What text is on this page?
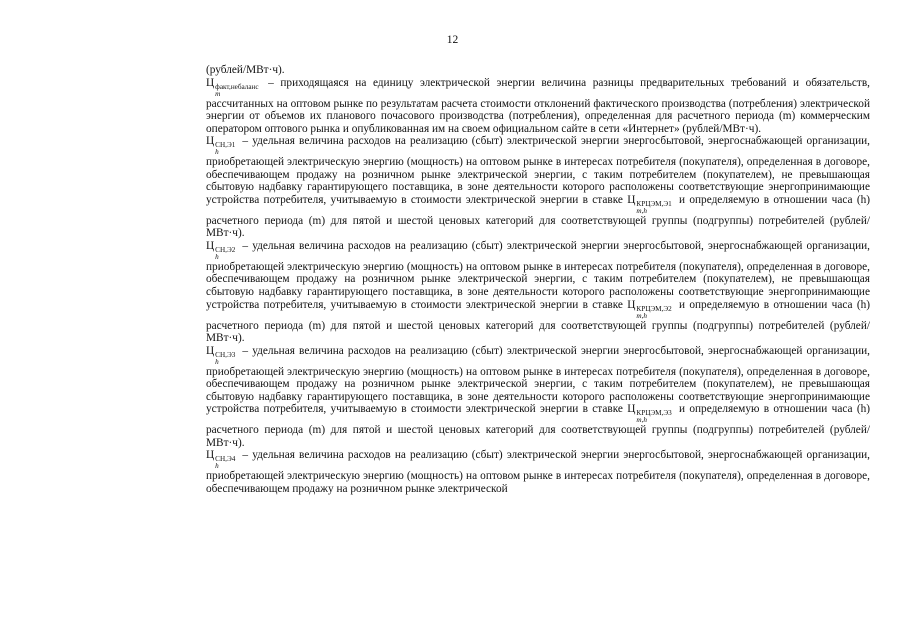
12

(рублей/МВт·ч).

Ц факт,небаланс
m
– приходящаяся на единицу электрической энергии величина разницы предварительных требований и обязательств, рассчитанных на оптовом рынке по результатам расчета стоимости отклонений фактического производства (потребления) электрической энергии от объемов их планового почасового производства (потребления), определенная для расчетного периода (m) коммерческим оператором оптового рынка и опубликованная им на своем официальном сайте в сети «Интернет» (рублей/МВт·ч).

Ц СН,Э1
h
– удельная величина расходов на реализацию (сбыт) электрической энергии энергосбытовой, энергоснабжающей организации, приобретающей электрическую энергию (мощность) на оптовом рынке в интересах потребителя (покупателя), определенная в договоре, обеспечивающем продажу на розничном рынке электрической энергии, с таким потребителем (покупателем), не превышающая сбытовую надбавку гарантирующего поставщика, в зоне деятельности которого расположены соответствующие энергопринимающие устройства потребителя, учитываемую в стоимости электрической энергии в ставке Ц КРЦЭМ,Э1
m,h
и определяемую в отношении часа (h) расчетного периода (m) для пятой и шестой ценовых категорий для соответствующей группы (подгруппы) потребителей (рублей/МВт·ч).

Ц СН,Э2
h
– удельная величина расходов на реализацию (сбыт) электрической энергии энергосбытовой, энергоснабжающей организации, приобретающей электрическую энергию (мощность) на оптовом рынке в интересах потребителя (покупателя), определенная в договоре, обеспечивающем продажу на розничном рынке электрической энергии, с таким потребителем (покупателем), не превышающая сбытовую надбавку гарантирующего поставщика, в зоне деятельности которого расположены соответствующие энергопринимающие устройства потребителя, учитываемую в стоимости электрической энергии в ставке Ц КРЦЭМ,Э2
m,h
и определяемую в отношении часа (h) расчетного периода (m) для пятой и шестой ценовых категорий для соответствующей группы (подгруппы) потребителей (рублей/МВт·ч).

Ц СН,Э3
h
– удельная величина расходов на реализацию (сбыт) электрической энергии энергосбытовой, энергоснабжающей организации, приобретающей электрическую энергию (мощность) на оптовом рынке в интересах потребителя (покупателя), определенная в договоре, обеспечивающем продажу на розничном рынке электрической энергии, с таким потребителем (покупателем), не превышающая сбытовую надбавку гарантирующего поставщика, в зоне деятельности которого расположены соответствующие энергопринимающие устройства потребителя, учитываемую в стоимости электрической энергии в ставке Ц КРЦЭМ,Э3
m,h
и определяемую в отношении часа (h) расчетного периода (m) для пятой и шестой ценовых категорий для соответствующей группы (подгруппы) потребителей (рублей/МВт·ч).

Ц СН,Э4
h
– удельная величина расходов на реализацию (сбыт) электрической энергии энергосбытовой, энергоснабжающей организации, приобретающей электрическую энергию (мощность) на оптовом рынке в интересах потребителя (покупателя), определенная в договоре, обеспечивающем продажу на розничном рынке электрической
